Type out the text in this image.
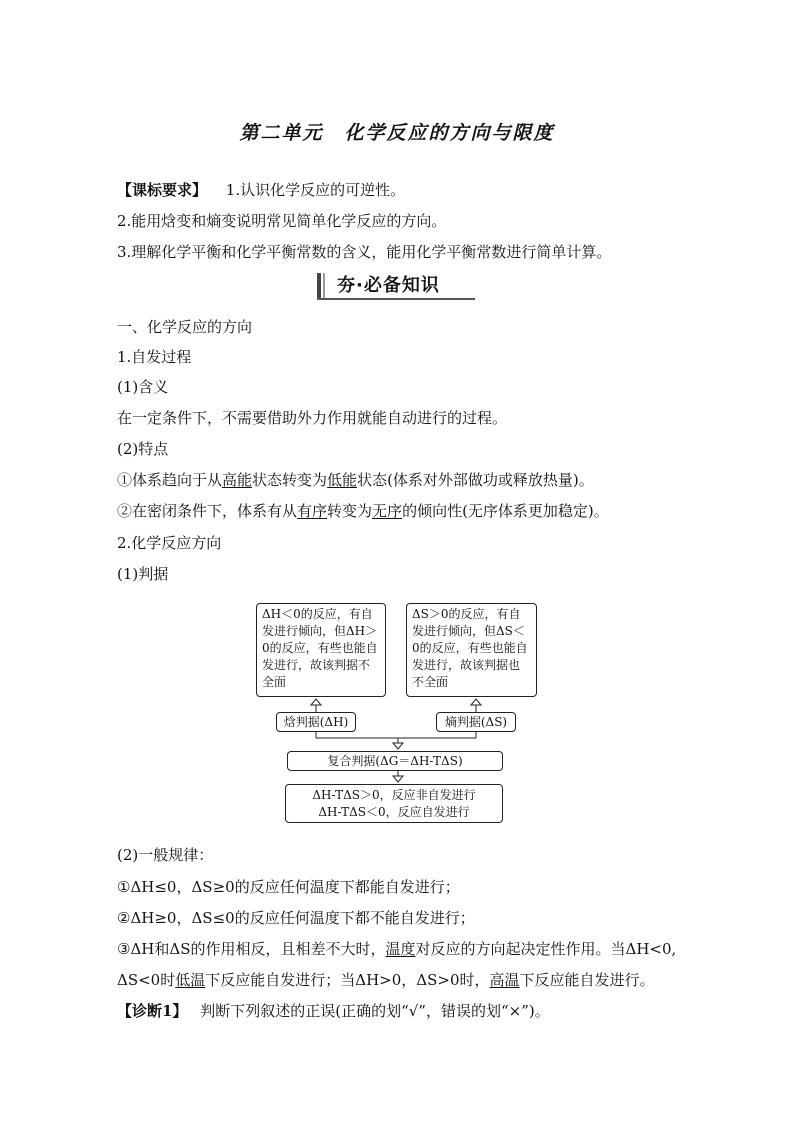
第二单元　化学反应的方向与限度
【课标要求】 1.认识化学反应的可逆性。
2.能用焓变和熵变说明常见简单化学反应的方向。
3.理解化学平衡和化学平衡常数的含义，能用化学平衡常数进行简单计算。
夯·必备知识
一、化学反应的方向
1.自发过程
(1)含义
在一定条件下，不需要借助外力作用就能自动进行的过程。
(2)特点
①体系趋向于从高能状态转变为低能状态(体系对外部做功或释放热量)。
②在密闭条件下，体系有从有序转变为无序的倾向性(无序体系更加稳定)。
2.化学反应方向
(1)判据
ΔH＜0的反应，有自
发进行倾向，但ΔH＞
0的反应，有些也能自
发进行，故该判据不
全面
ΔS＞0的反应，有自
发进行倾向，但ΔS＜
0的反应，有些也能自
发进行，故该判据也
不全面
焓判据(ΔH)	熵判据(ΔS)
复合判据(ΔG＝ΔH-TΔS)
ΔH-TΔS＞0，反应非自发进行
ΔH-TΔS＜0，反应自发进行
(2)一般规律：
①ΔH≤0，ΔS≥0的反应任何温度下都能自发进行；
②ΔH≥0，ΔS≤0的反应任何温度下都不能自发进行；
③ΔH和ΔS的作用相反，且相差不大时，温度对反应的方向起决定性作用。当ΔH<0,
ΔS<0时低温下反应能自发进行；当ΔH>0，ΔS>0时，高温下反应能自发进行。
【诊断1】 判断下列叙述的正误(正确的划“√”，错误的划“×”)。
